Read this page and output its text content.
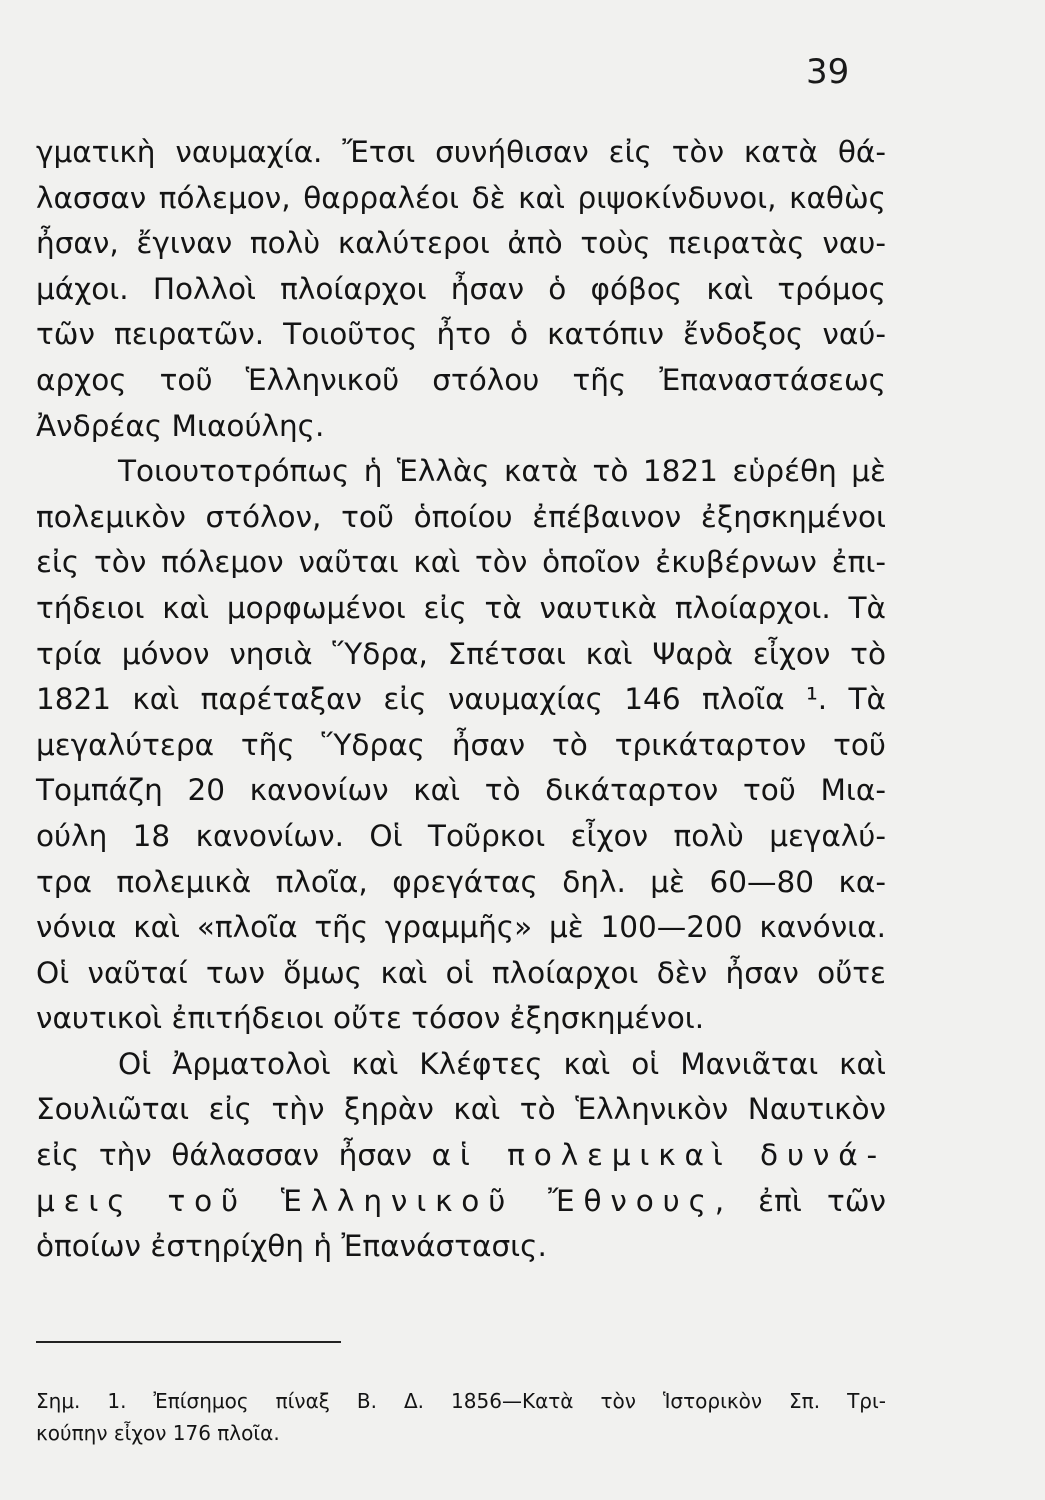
39
γματικὴ ναυμαχία. Ἔτσι συνήθισαν εἰς τὸν κατὰ θά-
λασσαν πόλεμον, θαρραλέοι δὲ καὶ ριψοκίνδυνοι, καθὼς
ἦσαν, ἔγιναν πολὺ καλύτεροι ἀπὸ τοὺς πειρατὰς ναυ-
μάχοι. Πολλοὶ πλοίαρχοι ἦσαν ὁ φόβος καὶ τρόμος
τῶν πειρατῶν. Τοιοῦτος ἦτο ὁ κατόπιν ἔνδοξος ναύ-
αρχος τοῦ Ἑλληνικοῦ στόλου τῆς Ἐπαναστάσεως
Ἀνδρέας Μιαούλης.
Τοιουτοτρόπως ἡ Ἑλλὰς κατὰ τὸ 1821 εὑρέθη μὲ
πολεμικὸν στόλον, τοῦ ὁποίου ἐπέβαινον ἐξησκημένοι
εἰς τὸν πόλεμον ναῦται καὶ τὸν ὁποῖον ἐκυβέρνων ἐπι-
τήδειοι καὶ μορφωμένοι εἰς τὰ ναυτικὰ πλοίαρχοι. Τὰ
τρία μόνον νησιὰ Ὕδρα, Σπέτσαι καὶ Ψαρὰ εἶχον τὸ
1821 καὶ παρέταξαν εἰς ναυμαχίας 146 πλοῖα ¹. Τὰ
μεγαλύτερα τῆς Ὕδρας ἦσαν τὸ τρικάταρτον τοῦ
Τομπάζη 20 κανονίων καὶ τὸ δικάταρτον τοῦ Μια-
ούλη 18 κανονίων. Οἱ Τοῦρκοι εἶχον πολὺ μεγαλύ-
τρα πολεμικὰ πλοῖα, φρεγάτας δηλ. μὲ 60—80 κα-
νόνια καὶ «πλοῖα τῆς γραμμῆς» μὲ 100—200 κανόνια.
Οἱ ναῦταί των ὅμως καὶ οἱ πλοίαρχοι δὲν ἦσαν οὔτε
ναυτικοὶ ἐπιτήδειοι οὔτε τόσον ἐξησκημένοι.
Οἱ Ἀρματολοὶ καὶ Κλέφτες καὶ οἱ Μανιᾶται καὶ
Σουλιῶται εἰς τὴν ξηρὰν καὶ τὸ Ἑλληνικὸν Ναυτικὸν
εἰς τὴν θάλασσαν ἦσαν αἱ πολεμικαὶ δυνά-
μεις τοῦ Ἑλληνικοῦ Ἔθνους, ἐπὶ τῶν
ὁποίων ἐστηρίχθη ἡ Ἐπανάστασις.
Σημ. 1. Ἐπίσημος πίναξ Β. Δ. 1856—Κατὰ τὸν Ἱστορικὸν Σπ. Τρι-
κούπην εἶχον 176 πλοῖα.
